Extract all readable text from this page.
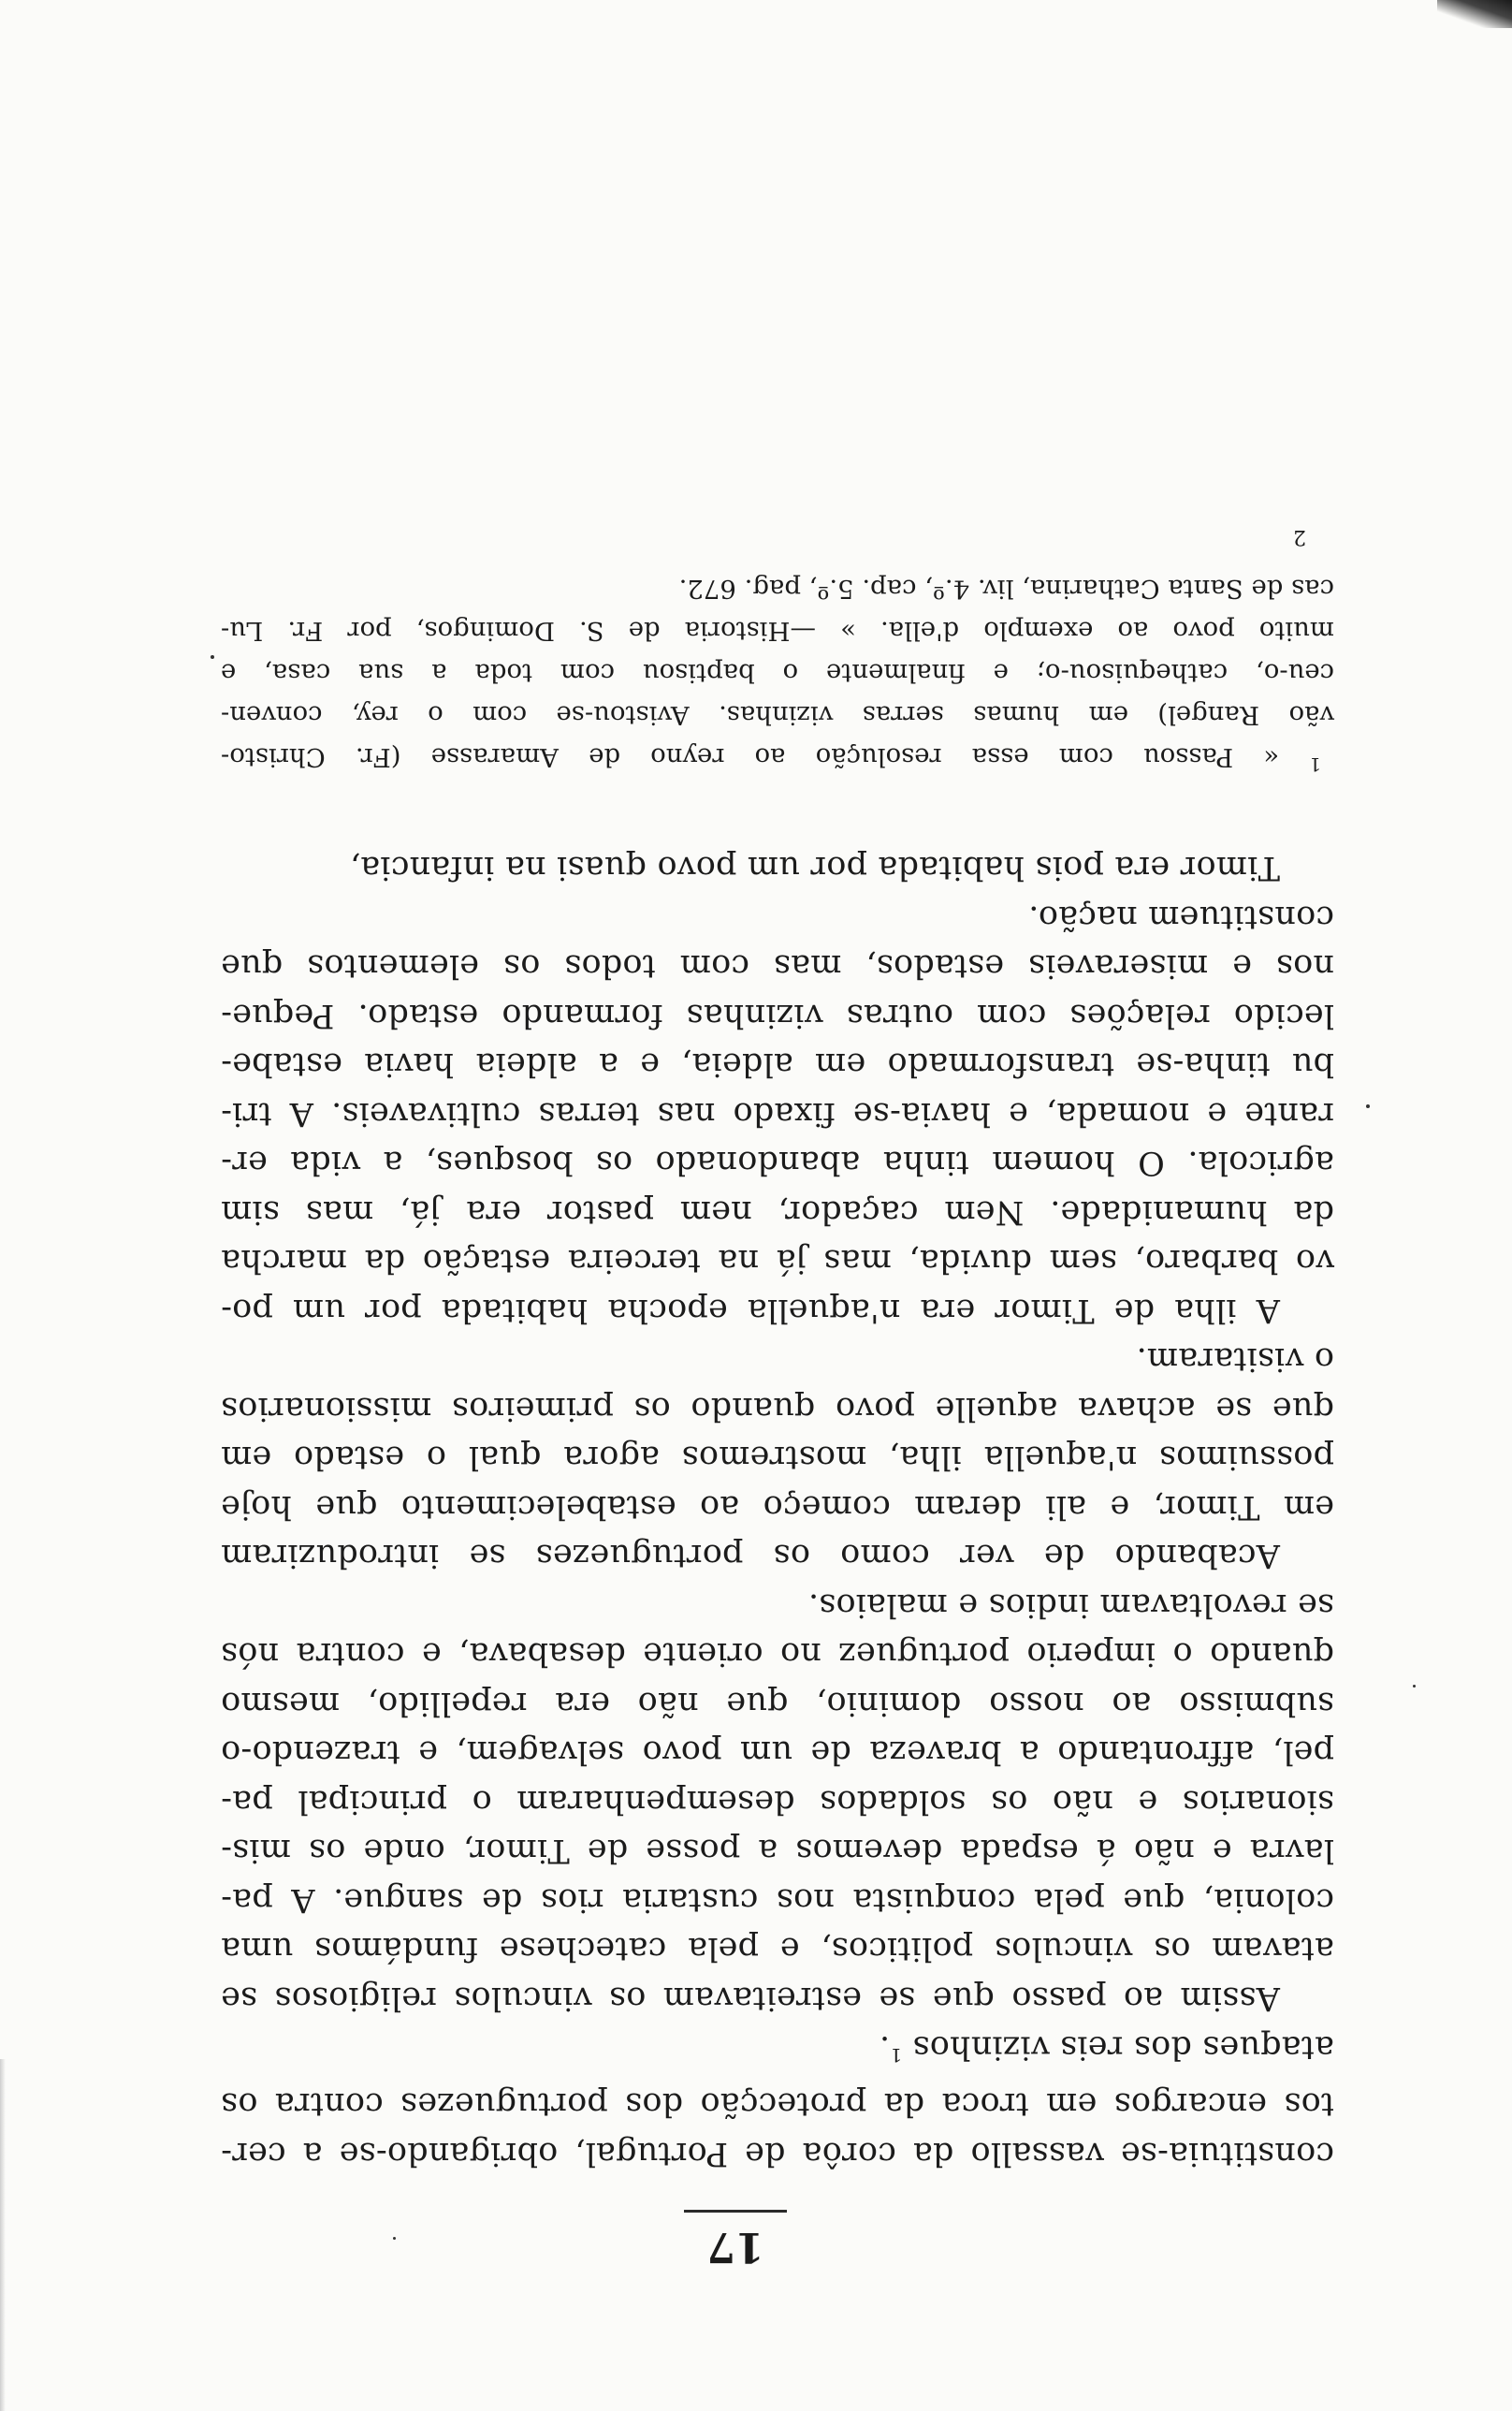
17

constituia-se vassallo da corôa de Portugal, obrigando-se a cer-
tos encargos em troca da protecção dos portuguezes contra os
ataques dos reis vizinhos $^1$.

Assim ao passo que se estreitavam os vinculos religiosos se
atavam os vinculos politicos, e pela catechese fundámos uma
colonia, que pela conquista nos custaria rios de sangue. A pa-
lavra e não á espada devemos a posse de Timor, onde os mis-
sionarios e não os soldados desempenharam o principal pa-
pel, affrontando a braveza de um povo selvagem, e trazendo-o
submisso ao nosso dominio, que não era repellido, mesmo
quando o imperio portuguez no oriente desabava, e contra nós
se revoltavam indios e malaios.

Acabando de ver como os portuguezes se introduziram
em Timor, e ali deram começo ao estabelecimento que hoje
possuimos n'aquella ilha, mostremos agora qual o estado em
que se achava aquelle povo quando os primeiros missionarios
o visitaram.

A ilha de Timor era n'aquella epocha habitada por um po-
vo barbaro, sem duvida, mas já na terceira estação da marcha
da humanidade. Nem caçador, nem pastor era já, mas sim
agricola. O homem tinha abandonado os bosques, a vida er-
rante e nomada, e havia-se fixado nas terras cultivaveis. A tri-
bu tinha-se transformado em aldeia, e a aldeia havia estabe-
lecido relações com outras vizinhas formando estado. Peque-
nos e miseraveis estados, mas com todos os elementos que
constituem nação.

Timor era pois habitada por um povo quasi na infancia,

$^1$ « Passou com essa resolução ao reyno de Amarasse (Fr. Christo-
vão Rangel) em humas serras vizinhas. Avistou-se com o rey, conven-
ceu-o, cathequisou-o; e finalmente o baptisou com toda a sua casa, e
muito povo ao exemplo d'ella. » —Historia de S. Domingos, por Fr. Lu-
cas de Santa Catharina, liv. 4.º, cap. 5.º, pag. 672.
2
